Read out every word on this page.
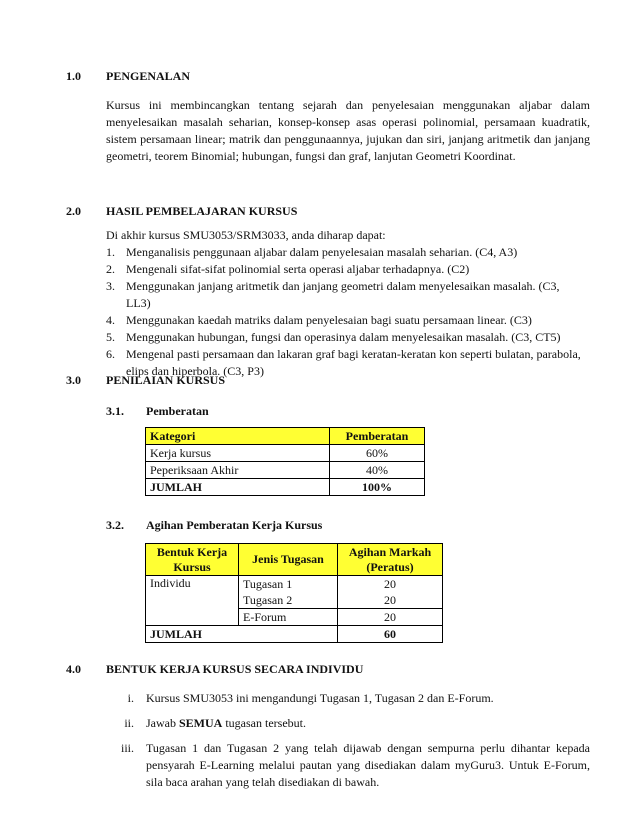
1.0	PENGENALAN
Kursus ini membincangkan tentang sejarah dan penyelesaian menggunakan aljabar dalam menyelesaikan masalah seharian, konsep-konsep asas operasi polinomial, persamaan kuadratik, sistem persamaan linear; matrik dan penggunaannya, jujukan dan siri, janjang aritmetik dan janjang geometri, teorem Binomial; hubungan, fungsi dan graf, lanjutan Geometri Koordinat.
2.0	HASIL PEMBELAJARAN KURSUS
Di akhir kursus SMU3053/SRM3033, anda diharap dapat:
1. Menganalisis penggunaan aljabar dalam penyelesaian masalah seharian. (C4, A3)
2. Mengenali sifat-sifat polinomial serta operasi aljabar terhadapnya. (C2)
3. Menggunakan janjang aritmetik dan janjang geometri dalam menyelesaikan masalah. (C3, LL3)
4. Menggunakan kaedah matriks dalam penyelesaian bagi suatu persamaan linear. (C3)
5. Menggunakan hubungan, fungsi dan operasinya dalam menyelesaikan masalah. (C3, CT5)
6. Mengenal pasti persamaan dan lakaran graf bagi keratan-keratan kon seperti bulatan, parabola, elips dan hiperbola. (C3, P3)
3.0	PENILAIAN KURSUS
3.1.	Pemberatan
Kategori	Pemberatan
Kerja kursus	60%
Peperiksaan Akhir	40%
JUMLAH	100%
3.2.	Agihan Pemberatan Kerja Kursus
Bentuk Kerja Kursus	Jenis Tugasan	Agihan Markah (Peratus)
Individu	Tugasan 1	20
	Tugasan 2	20
	E-Forum	20
JUMLAH		60
4.0	BENTUK KERJA KURSUS SECARA INDIVIDU
i. Kursus SMU3053 ini mengandungi Tugasan 1, Tugasan 2 dan E-Forum.
ii. Jawab SEMUA tugasan tersebut.
iii. Tugasan 1 dan Tugasan 2 yang telah dijawab dengan sempurna perlu dihantar kepada pensyarah E-Learning melalui pautan yang disediakan dalam myGuru3. Untuk E-Forum, sila baca arahan yang telah disediakan di bawah.
